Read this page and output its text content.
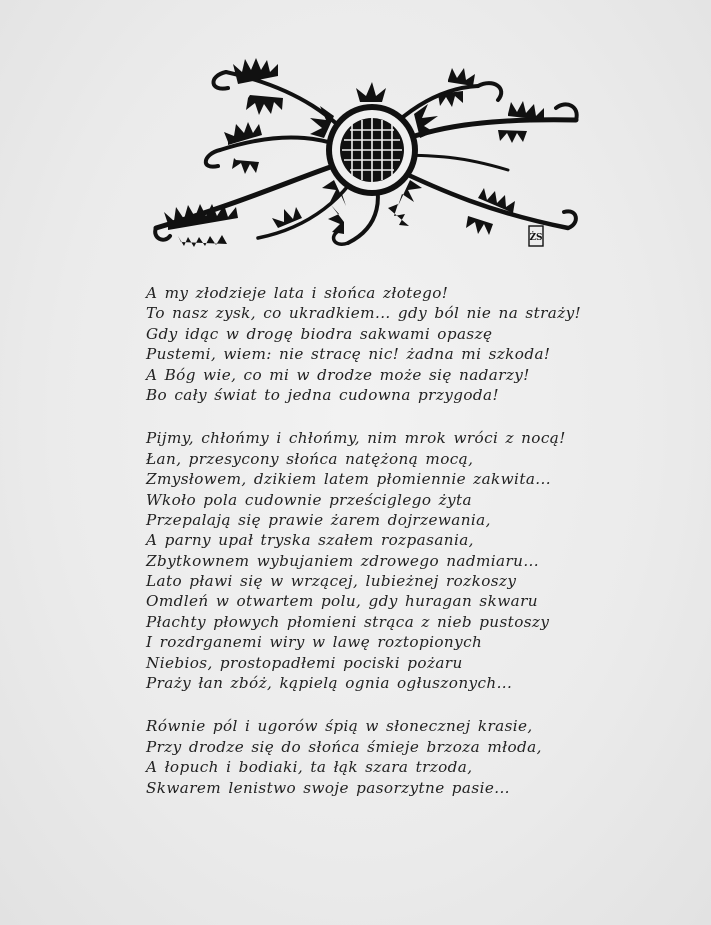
ŻS
A my złodzieje lata i słońca złotego!
To nasz zysk, co ukradkiem... gdy ból nie na straży!
Gdy idąc w drogę biodra sakwami opaszę
Pustemi, wiem: nie stracę nic! żadna mi szkoda!
A Bóg wie, co mi w drodze może się nadarzy!
Bo cały świat to jedna cudowna przygoda!
Pijmy, chłońmy i chłońmy, nim mrok wróci z nocą!
Łan, przesycony słońca natężoną mocą,
Zmysłowem, dzikiem latem płomiennie zakwita...
Wkoło pola cudownie prześciglego żyta
Przepalają się prawie żarem dojrzewania,
A parny upał tryska szałem rozpasania,
Zbytkownem wybujaniem zdrowego nadmiaru...
Lato pławi się w wrzącej, lubieżnej rozkoszy
Omdleń w otwartem polu, gdy huragan skwaru
Płachty płowych płomieni strąca z nieb pustoszy
I rozdrganemi wiry w lawę roztopionych
Niebios, prostopadłemi pociski pożaru
Praży łan zbóż, kąpielą ognia ogłuszonych...
Równie pól i ugorów śpią w słonecznej krasie,
Przy drodze się do słońca śmieje brzoza młoda,
A łopuch i bodiaki, ta łąk szara trzoda,
Skwarem lenistwo swoje pasorzytne pasie...
